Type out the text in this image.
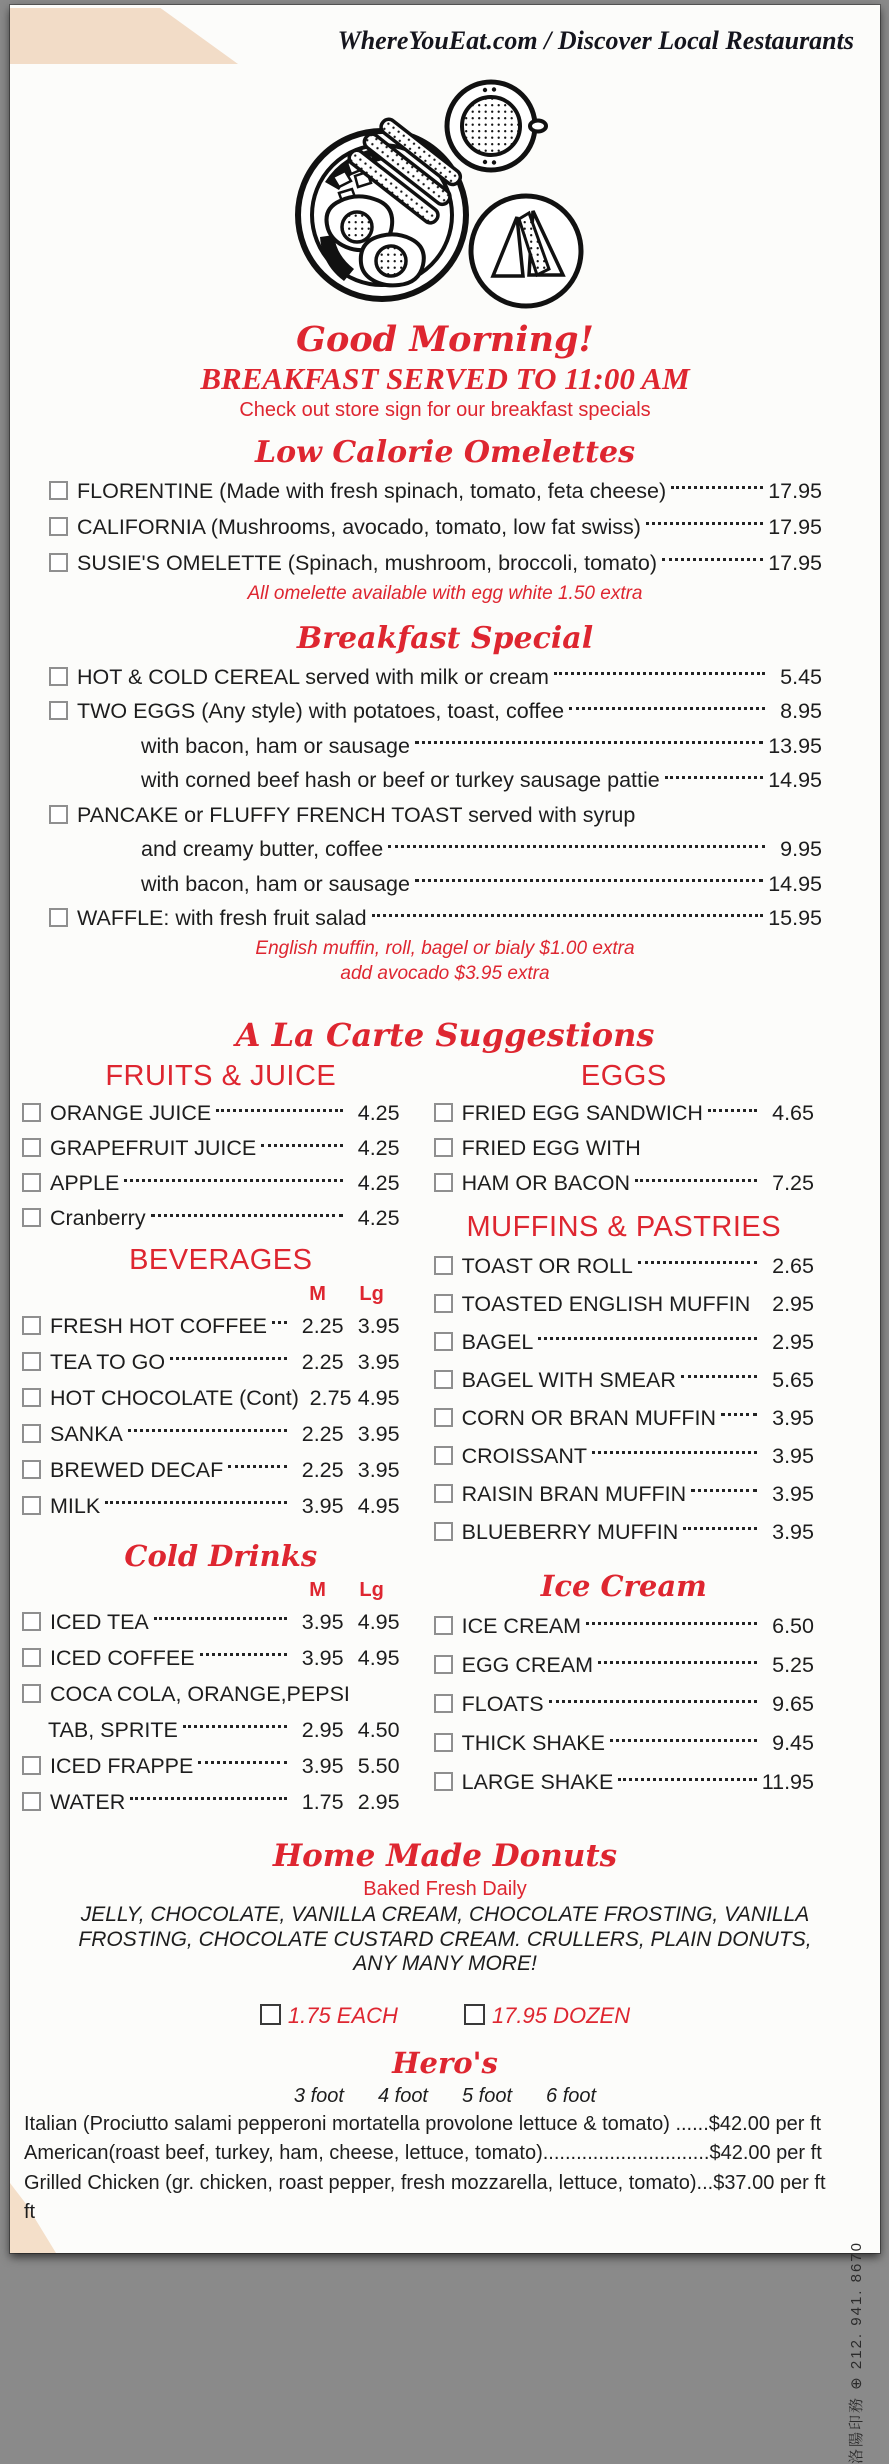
WhereYouEat.com / Discover Local Restaurants
Good Morning!
BREAKFAST SERVED TO 11:00 AM
Check out store sign for our breakfast specials
Low Calorie Omelettes
FLORENTINE (Made with fresh spinach, tomato, feta cheese)	17.95
CALIFORNIA (Mushrooms, avocado, tomato, low fat swiss)	17.95
SUSIE'S OMELETTE (Spinach, mushroom, broccoli, tomato)	17.95
All omelette available with egg white 1.50 extra
Breakfast Special
HOT & COLD CEREAL served with milk or cream	5.45
TWO EGGS (Any style) with potatoes, toast, coffee	8.95
with bacon, ham or sausage	13.95
with corned beef hash or beef or turkey sausage pattie	14.95
PANCAKE or FLUFFY FRENCH TOAST served with syrup
and creamy butter, coffee	9.95
with bacon, ham or sausage	14.95
WAFFLE: with fresh fruit salad	15.95
English muffin, roll, bagel or bialy $1.00 extra
add avocado $3.95 extra
A La Carte Suggestions
FRUITS & JUICE
ORANGE JUICE	4.25
GRAPEFRUIT JUICE	4.25
APPLE	4.25
Cranberry	4.25
BEVERAGES
M	Lg
FRESH HOT COFFEE	2.25 3.95
TEA TO GO	2.25 3.95
HOT CHOCOLATE (Cont) 2.75 4.95
SANKA	2.25 3.95
BREWED DECAF	2.25 3.95
MILK	3.95 4.95
Cold Drinks
M	Lg
ICED TEA	3.95 4.95
ICED COFFEE	3.95 4.95
COCA COLA, ORANGE,PEPSI
TAB, SPRITE	2.95 4.50
ICED FRAPPE	3.95 5.50
WATER	1.75 2.95
EGGS
FRIED EGG SANDWICH	4.65
FRIED EGG WITH
HAM OR BACON	7.25
MUFFINS & PASTRIES
TOAST OR ROLL	2.65
TOASTED ENGLISH MUFFIN	2.95
BAGEL	2.95
BAGEL WITH SMEAR	5.65
CORN OR BRAN MUFFIN	3.95
CROISSANT	3.95
RAISIN BRAN MUFFIN	3.95
BLUEBERRY MUFFIN	3.95
Ice Cream
ICE CREAM	6.50
EGG CREAM	5.25
FLOATS	9.65
THICK SHAKE	9.45
LARGE SHAKE	11.95
Home Made Donuts
Baked Fresh Daily
JELLY, CHOCOLATE, VANILLA CREAM, CHOCOLATE FROSTING, VANILLA FROSTING, CHOCOLATE CUSTARD CREAM. CRULLERS, PLAIN DONUTS, ANY MANY MORE!
1.75 EACH	17.95 DOZEN
Hero's
3 foot 4 foot 5 foot 6 foot

Italian (Prociutto salami pepperoni mortatella provolone lettuce & tomato) ......$42.00 per ft

American(roast beef, turkey, ham, cheese, lettuce, tomato)..............................$42.00 per ft

Grilled Chicken (gr. chicken, roast pepper, fresh mozzarella, lettuce, tomato)...$37.00 per ft

ft

洛陽印務 ⊕ 212. 941. 8670
